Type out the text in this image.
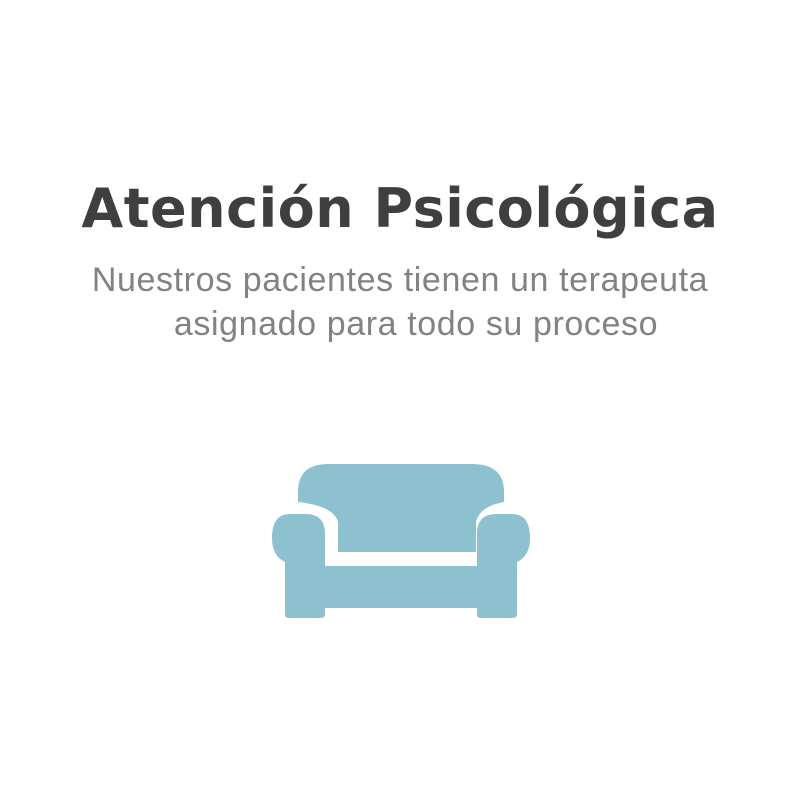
Atención Psicológica

Nuestros pacientes tienen un terapeuta
asignado para todo su proceso
